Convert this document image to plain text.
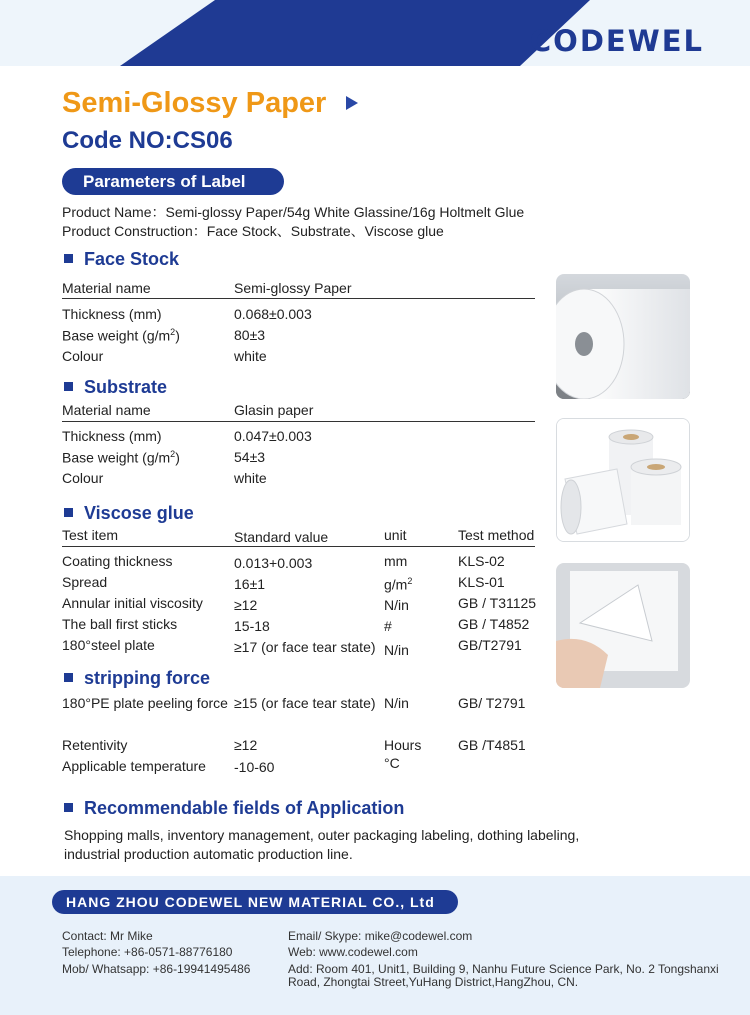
CODEWEL
Semi-Glossy Paper
Code NO:CS06
Parameters of Label
Product Name：Semi-glossy Paper/54g White Glassine/16g Holtmelt Glue
Product Construction：Face Stock、Substrate、Viscose glue
Face Stock
Material name	Semi-glossy Paper
Thickness (mm)	0.068±0.003
Base weight $(g/m^2)$	80±3
Colour	white
Substrate
Material name	Glasin paper
Thickness (mm)	0.047±0.003
Base weight $(g/m^2)$	54±3
Colour	white
Viscose glue
Test item	Standard value	unit	Test method
Coating thickness	0.013+0.003	mm	KLS-02
Spread	16±1	$g/m^2$	KLS-01
Annular initial viscosity ≥12	N/in	GB / T31125
The ball first sticks	15-18	#	GB / T4852
180°steel plate	≥17 (or face tear state) N/in	GB/T2791
stripping force
180°PE plate peeling force ≥15 (or face tear state) N/in	GB/ T2791
Retentivity	≥12	Hours	GB /T4851
Applicable temperature -10-60	°C
Recommendable fields of Application
Shopping malls, inventory management, outer packaging labeling, dothing labeling,
industrial production automatic production line.
HANG ZHOU CODEWEL NEW MATERIAL CO., Ltd
Contact: Mr Mike
Telephone: +86-0571-88776180
Mob/ Whatsapp: +86-19941495486
Email/ Skype: mike@codewel.com
Web: www.codewel.com
Add: Room 401, Unit1, Building 9, Nanhu Future Science Park, No. 2 Tongshanxi
Road, Zhongtai Street,YuHang District,HangZhou, CN.
